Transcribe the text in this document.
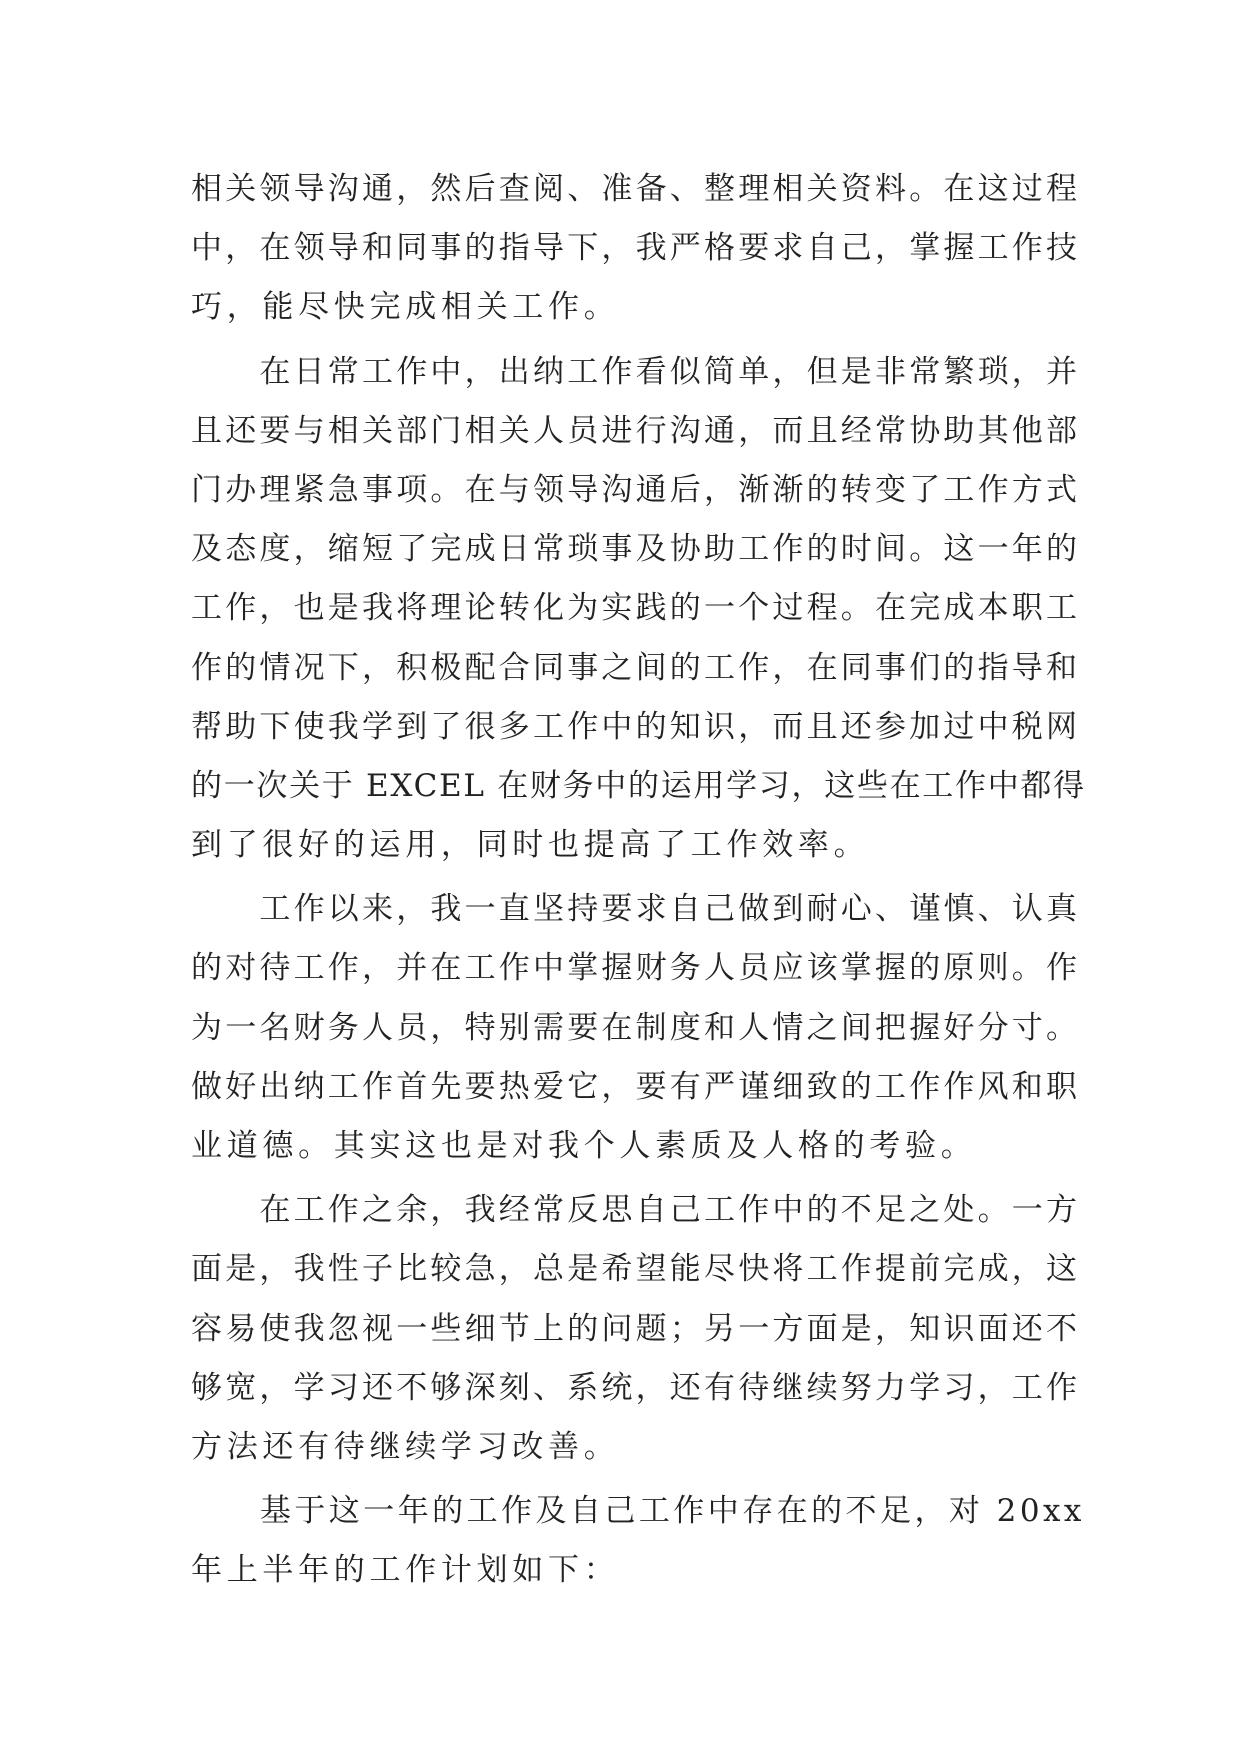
相关领导沟通，然后查阅、准备、整理相关资料。在这过程
中，在领导和同事的指导下，我严格要求自己，掌握工作技
巧，能尽快完成相关工作。
　　在日常工作中，出纳工作看似简单，但是非常繁琐，并
且还要与相关部门相关人员进行沟通，而且经常协助其他部
门办理紧急事项。在与领导沟通后，渐渐的转变了工作方式
及态度，缩短了完成日常琐事及协助工作的时间。这一年的
工作，也是我将理论转化为实践的一个过程。在完成本职工
作的情况下，积极配合同事之间的工作，在同事们的指导和
帮助下使我学到了很多工作中的知识，而且还参加过中税网
的一次关于 EXCEL 在财务中的运用学习，这些在工作中都得
到了很好的运用，同时也提高了工作效率。
　　工作以来，我一直坚持要求自己做到耐心、谨慎、认真
的对待工作，并在工作中掌握财务人员应该掌握的原则。作
为一名财务人员，特别需要在制度和人情之间把握好分寸。
做好出纳工作首先要热爱它，要有严谨细致的工作作风和职
业道德。其实这也是对我个人素质及人格的考验。
　　在工作之余，我经常反思自己工作中的不足之处。一方
面是，我性子比较急，总是希望能尽快将工作提前完成，这
容易使我忽视一些细节上的问题；另一方面是，知识面还不
够宽，学习还不够深刻、系统，还有待继续努力学习，工作
方法还有待继续学习改善。
　　基于这一年的工作及自己工作中存在的不足，对 20xx
年上半年的工作计划如下：
